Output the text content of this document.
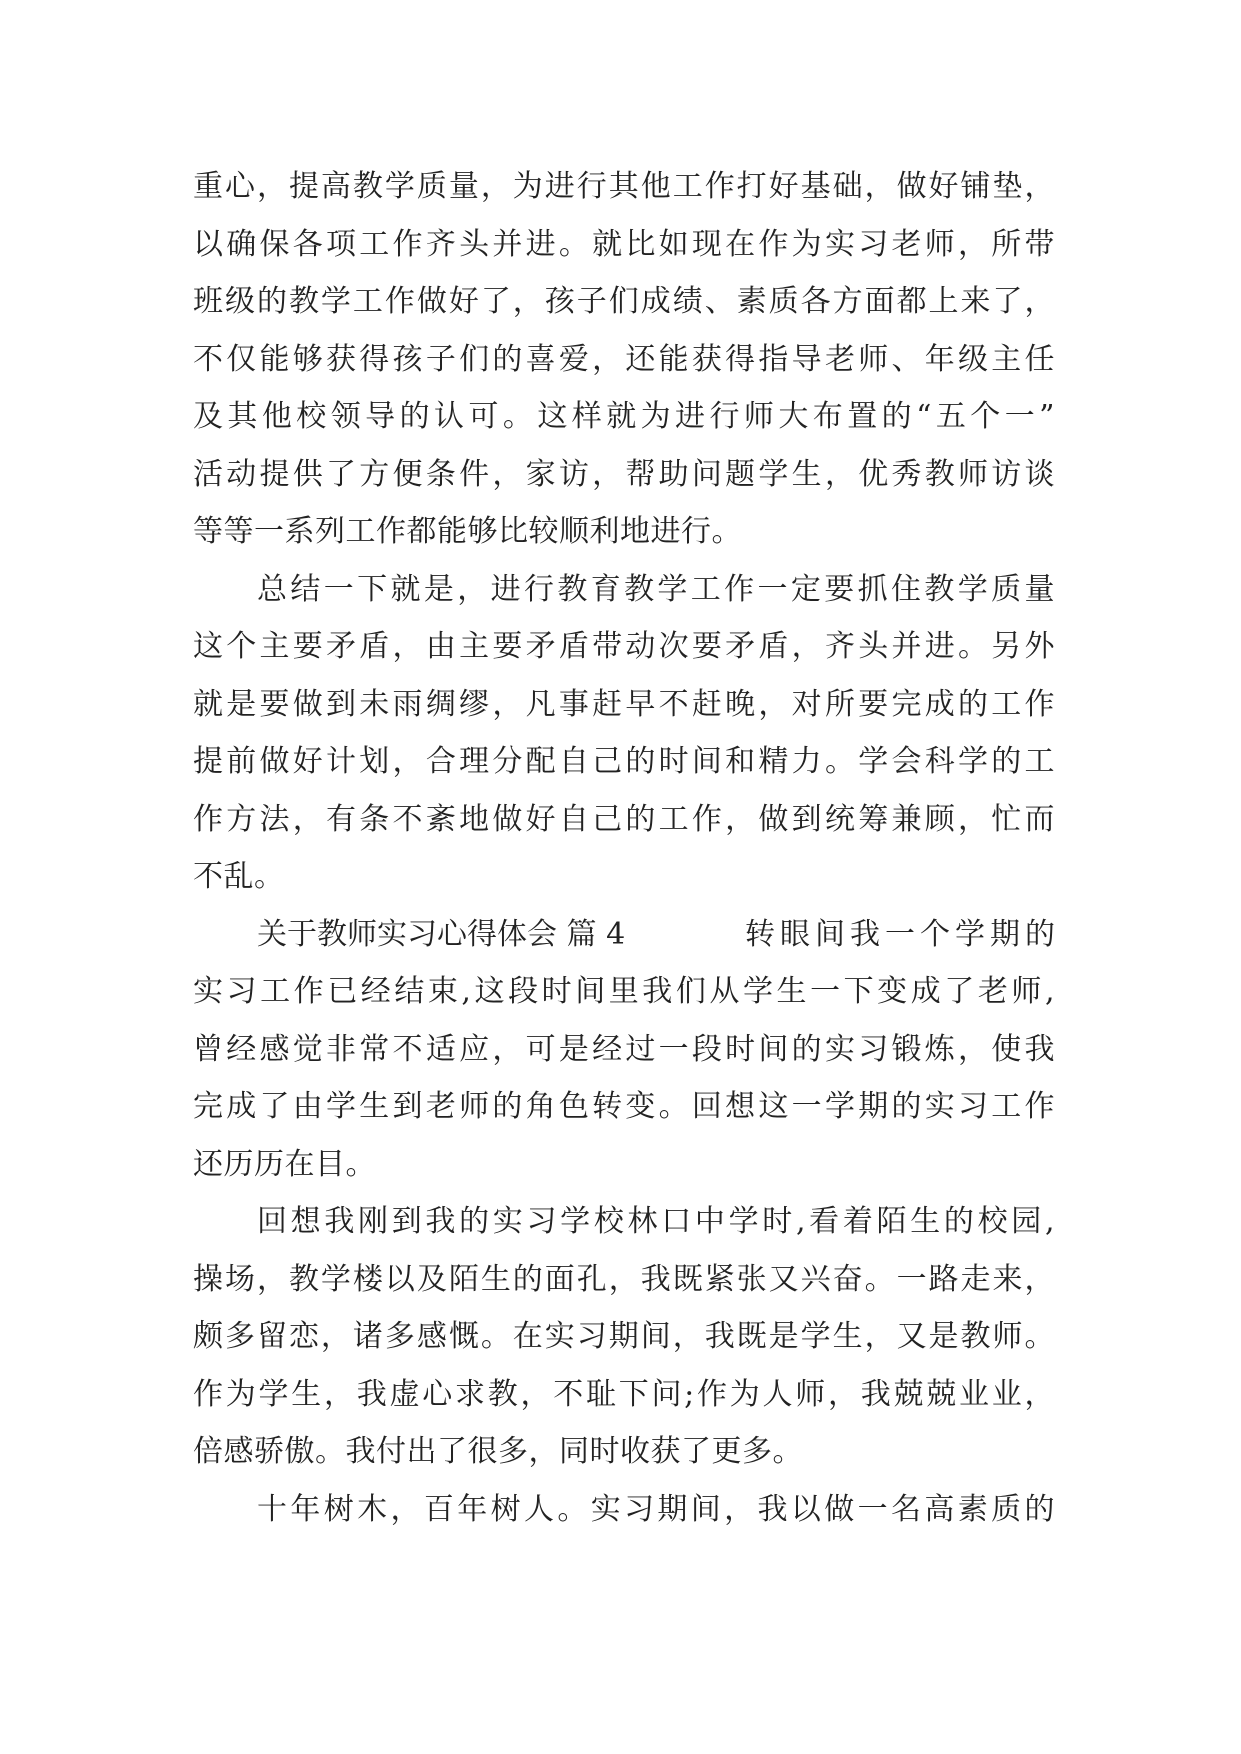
重心，提高教学质量，为进行其他工作打好基础，做好铺垫，
以确保各项工作齐头并进。就比如现在作为实习老师，所带
班级的教学工作做好了，孩子们成绩、素质各方面都上来了，
不仅能够获得孩子们的喜爱，还能获得指导老师、年级主任
及其他校领导的认可。这样就为进行师大布置的“五个一”
活动提供了方便条件，家访，帮助问题学生，优秀教师访谈
等等一系列工作都能够比较顺利地进行。
总结一下就是，进行教育教学工作一定要抓住教学质量
这个主要矛盾，由主要矛盾带动次要矛盾，齐头并进。另外
就是要做到未雨绸缪，凡事赶早不赶晚，对所要完成的工作
提前做好计划，合理分配自己的时间和精力。学会科学的工
作方法，有条不紊地做好自己的工作，做到统筹兼顾，忙而
不乱。
关于教师实习心得体会 篇 4	转眼间我一个学期的
实习工作已经结束,这段时间里我们从学生一下变成了老师,
曾经感觉非常不适应，可是经过一段时间的实习锻炼，使我
完成了由学生到老师的角色转变。回想这一学期的实习工作
还历历在目。
回想我刚到我的实习学校林口中学时,看着陌生的校园,
操场，教学楼以及陌生的面孔，我既紧张又兴奋。一路走来，
颇多留恋，诸多感慨。在实习期间，我既是学生，又是教师。
作为学生，我虚心求教，不耻下问;作为人师，我兢兢业业，
倍感骄傲。我付出了很多，同时收获了更多。
十年树木，百年树人。实习期间，我以做一名高素质的
